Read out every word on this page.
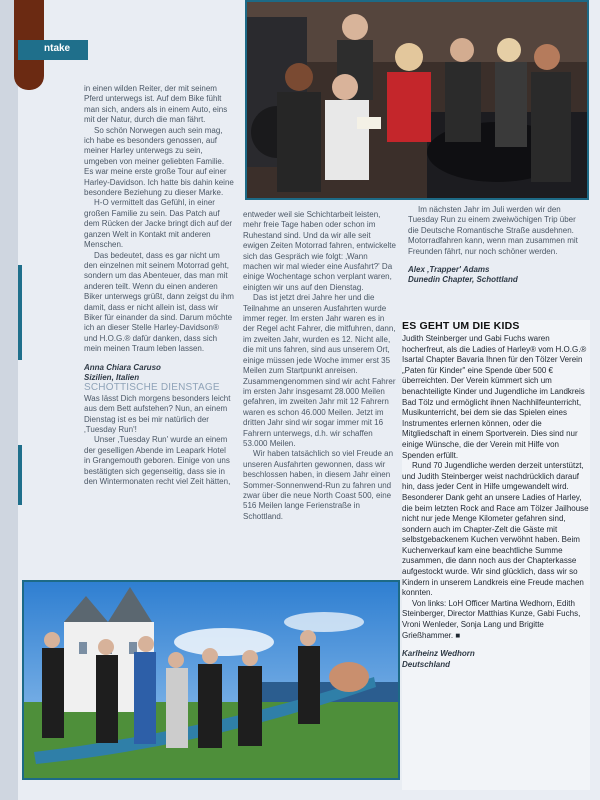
ntake

in einen wilden Reiter, der mit seinem Pferd unterwegs ist. Auf dem Bike fühlt man sich, anders als in einem Auto, eins mit der Natur, durch die man fährt.

So schön Norwegen auch sein mag, ich habe es besonders genossen, auf meiner Harley unterwegs zu sein, umgeben von meiner geliebten Familie. Es war meine erste große Tour auf einer Harley-Davidson. Ich hatte bis dahin keine besondere Beziehung zu dieser Marke.

H-O vermittelt das Gefühl, in einer großen Familie zu sein. Das Patch auf dem Rücken der Jacke bringt dich auf der ganzen Welt in Kontakt mit anderen Menschen.

Das bedeutet, dass es gar nicht um den einzelnen mit seinem Motorrad geht, sondern um das Abenteuer, das man mit anderen teilt. Wenn du einen anderen Biker unterwegs grüßt, dann zeigst du ihm damit, dass er nicht allein ist, dass wir Biker für einander da sind. Darum möchte ich an dieser Stelle Harley-Davidson® und H.O.G.® dafür danken, dass sich mein meinen Traum leben lassen.

Anna Chiara Caruso

Sizilien, Italien

SCHOTTISCHE DIENSTAGE

Was lässt Dich morgens besonders leicht aus dem Bett aufstehen? Nun, an einem Dienstag ist es bei mir natürlich der ‚Tuesday Run'!

Unser ‚Tuesday Run' wurde an einem der geselligen Abende im Leapark Hotel in Grangemouth geboren. Einige von uns bestätigten sich gegenseitig, dass sie in den Wintermonaten recht viel Zeit hätten,

entweder weil sie Schichtarbeit leisten, mehr freie Tage haben oder schon im Ruhestand sind. Und da wir alle seit ewigen Zeiten Motorrad fahren, entwickelte sich das Gespräch wie folgt: ‚Wann machen wir mal wieder eine Ausfahrt?' Da einige Wochentage schon verplant waren, einigten wir uns auf den Dienstag.

Das ist jetzt drei Jahre her und die Teilnahme an unseren Ausfahrten wurde immer reger. Im ersten Jahr waren es in der Regel acht Fahrer, die mitfuhren, dann, im zweiten Jahr, wurden es 12. Nicht alle, die mit uns fahren, sind aus unserem Ort, einige müssen jede Woche immer erst 35 Meilen zum Startpunkt anreisen. Zusammengenommen sind wir acht Fahrer im ersten Jahr insgesamt 28.000 Meilen gefahren, im zweiten Jahr mit 12 Fahrern waren es schon 46.000 Meilen. Jetzt im dritten Jahr sind wir sogar immer mit 16 Fahrern unterwegs, d.h. wir schaffen 53.000 Meilen.

Wir haben tatsächlich so viel Freude an unseren Ausfahrten gewonnen, dass wir beschlossen haben, in diesem Jahr einen Sommer-Sonnenwend-Run zu fahren und zwar über die neue North Coast 500, eine 516 Meilen lange Ferienstraße in Schottland.

Im nächsten Jahr im Juli werden wir den Tuesday Run zu einem zweiwöchigen Trip über die Deutsche Romantische Straße ausdehnen. Motorradfahren kann, wenn man zusammen mit Freunden fährt, nur noch schöner werden.

Alex ‚Trapper' Adams

Dunedin Chapter, Schottland

ES GEHT UM DIE KIDS

Judith Steinberger und Gabi Fuchs waren hocherfreut, als die Ladies of Harley® vom H.O.G.® Isartal Chapter Bavaria Ihnen für den Tölzer Verein „Paten für Kinder" eine Spende über 500 € überreichten. Der Verein kümmert sich um benachteiligte Kinder und Jugendliche im Landkreis Bad Tölz und ermöglicht ihnen Nachhilfeunterricht, Musikunterricht, bei dem sie das Spielen eines Instrumentes erlernen können, oder die Mitgliedschaft in einem Sportverein. Dies sind nur einige Wünsche, die der Verein mit Hilfe von Spenden erfüllt.

Rund 70 Jugendliche werden derzeit unterstützt, und Judith Steinberger weist nachdrücklich darauf hin, dass jeder Cent in Hilfe umgewandelt wird. Besonderer Dank geht an unsere Ladies of Harley, die beim letzten Rock and Race am Tölzer Jailhouse nicht nur jede Menge Kilometer gefahren sind, sondern auch im Chapter-Zelt die Gäste mit selbstgebackenem Kuchen verwöhnt haben. Beim Kuchenverkauf kam eine beachtliche Summe zusammen, die dann noch aus der Chapterkasse aufgestockt wurde. Wir sind glücklich, dass wir so Kindern in unserem Landkreis eine Freude machen konnten.

Von links: LoH Officer Martina Wedhorn, Edith Steinberger, Director Matthias Kunze, Gabi Fuchs, Vroni Wenleder, Sonja Lang und Brigitte Grießhammer. ■

Karlheinz Wedhorn

Deutschland
